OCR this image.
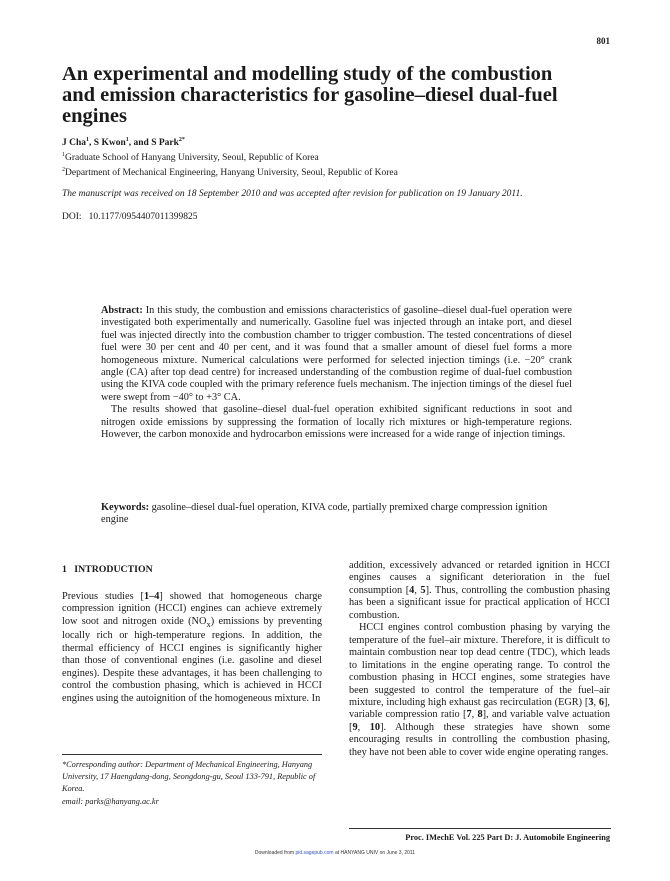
801
An experimental and modelling study of the combustion and emission characteristics for gasoline–diesel dual-fuel engines
J Cha$^1$, S Kwon$^1$, and S Park$^{2*}$
$^1$Graduate School of Hanyang University, Seoul, Republic of Korea
$^2$Department of Mechanical Engineering, Hanyang University, Seoul, Republic of Korea
The manuscript was received on 18 September 2010 and was accepted after revision for publication on 19 January 2011.
DOI:   10.1177/0954407011399825

Abstract: In this study, the combustion and emissions characteristics of gasoline–diesel dual-fuel operation were investigated both experimentally and numerically. Gasoline fuel was injected through an intake port, and diesel fuel was injected directly into the combustion chamber to trigger combustion. The tested concentrations of diesel fuel were 30 per cent and 40 per cent, and it was found that a smaller amount of diesel fuel forms a more homogeneous mixture. Numerical calculations were performed for selected injection timings (i.e. −20° crank angle (CA) after top dead centre) for increased understanding of the combustion regime of dual-fuel combustion using the KIVA code coupled with the primary reference fuels mechanism. The injection timings of the diesel fuel were swept from −40° to +3° CA.

The results showed that gasoline–diesel dual-fuel operation exhibited significant reductions in soot and nitrogen oxide emissions by suppressing the formation of locally rich mixtures or high-temperature regions. However, the carbon monoxide and hydrocarbon emissions were increased for a wide range of injection timings.

Keywords: gasoline–diesel dual-fuel operation, KIVA code, partially premixed charge compression ignition engine
1 INTRODUCTION

Previous studies [1–4] showed that homogeneous charge compression ignition (HCCI) engines can achieve extremely low soot and nitrogen oxide $(NO_x)$ emissions by preventing locally rich or high-temperature regions. In addition, the thermal efficiency of HCCI engines is significantly higher than those of conventional engines (i.e. gasoline and diesel engines). Despite these advantages, it has been challenging to control the combustion phasing, which is achieved in HCCI engines using the autoignition of the homogeneous mixture. In

addition, excessively advanced or retarded ignition in HCCI engines causes a significant deterioration in the fuel consumption [4, 5]. Thus, controlling the combustion phasing has been a significant issue for practical application of HCCI combustion.

HCCI engines control combustion phasing by varying the temperature of the fuel–air mixture. Therefore, it is difficult to maintain combustion near top dead centre (TDC), which leads to limitations in the engine operating range. To control the combustion phasing in HCCI engines, some strategies have been suggested to control the temperature of the fuel–air mixture, including high exhaust gas recirculation (EGR) [3, 6], variable compression ratio [7, 8], and variable valve actuation [9, 10]. Although these strategies have shown some encouraging results in controlling the combustion phasing, they have not been able to cover wide engine operating ranges.

*Corresponding author: Department of Mechanical Engineering, Hanyang University, 17 Haengdang-dong, Seongdong-gu, Seoul 133-791, Republic of Korea.
email: parks@hanyang.ac.kr
Proc. IMechE Vol. 225 Part D: J. Automobile Engineering
Downloaded from pid.sagepub.com at HANYANG UNIV on June 3, 2011
